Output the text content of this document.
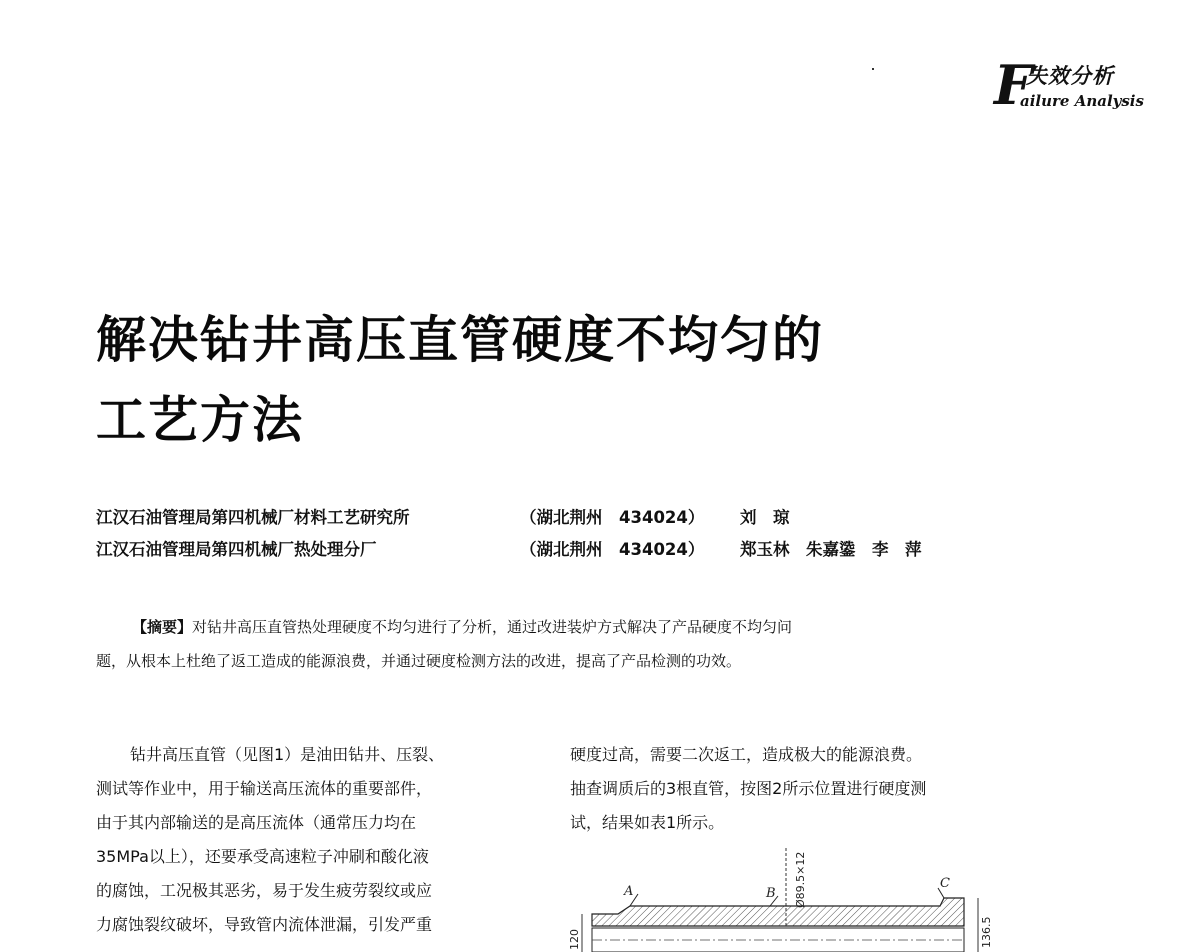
F
失效分析
ailure Analysis
解决钻井高压直管硬度不均匀的
工艺方法
江汉石油管理局第四机械厂材料工艺研究所	（湖北荆州　434024） 刘　琼
江汉石油管理局第四机械厂热处理分厂	（湖北荆州　434024） 郑玉林　朱嘉鍌　李　萍
【摘要】对钻井高压直管热处理硬度不均匀进行了分析，通过改进装炉方式解决了产品硬度不均匀问
题，从根本上杜绝了返工造成的能源浪费，并通过硬度检测方法的改进，提高了产品检测的功效。
钻井高压直管（见图1）是油田钻井、压裂、
测试等作业中，用于输送高压流体的重要部件，
由于其内部输送的是高压流体（通常压力均在
35MPa以上），还要承受高速粒子冲刷和酸化液
的腐蚀，工况极其恶劣，易于发生疲劳裂纹或应
力腐蚀裂纹破坏，导致管内流体泄漏，引发严重
硬度过高，需要二次返工，造成极大的能源浪费。
抽查调质后的3根直管，按图2所示位置进行硬度测
试，结果如表1所示。
A	B
C
Ø89.5×12
120	136.5
